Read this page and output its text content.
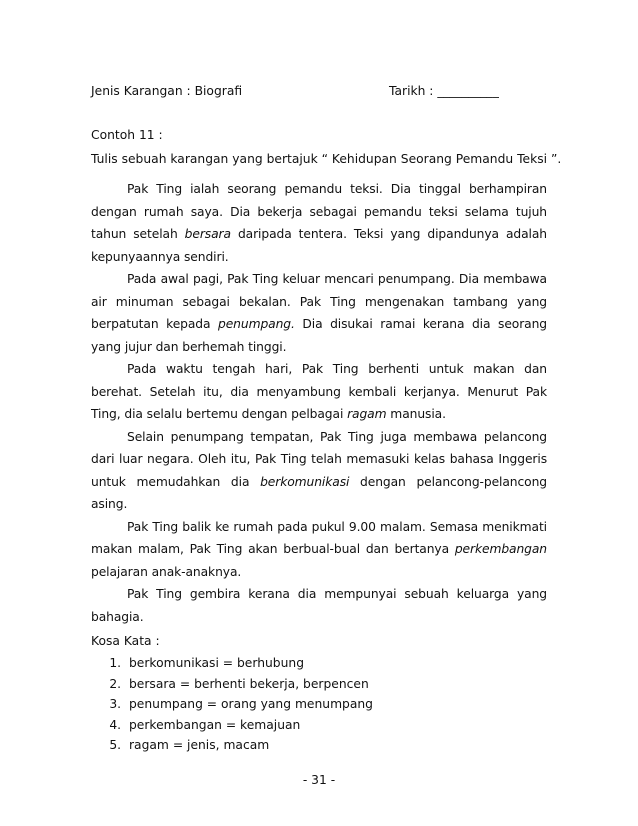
Jenis Karangan : Biografi	Tarikh : __________
Contoh 11 :
Tulis sebuah karangan yang bertajuk “ Kehidupan Seorang Pemandu Teksi ”.

Pak Ting ialah seorang pemandu teksi. Dia tinggal berhampiran dengan rumah saya. Dia bekerja sebagai pemandu teksi selama tujuh tahun setelah bersara daripada tentera. Teksi yang dipandunya adalah kepunyaannya sendiri.

Pada awal pagi, Pak Ting keluar mencari penumpang. Dia membawa air minuman sebagai bekalan. Pak Ting mengenakan tambang yang berpatutan kepada penumpang. Dia disukai ramai kerana dia seorang yang jujur dan berhemah tinggi.

Pada waktu tengah hari, Pak Ting berhenti untuk makan dan berehat. Setelah itu, dia menyambung kembali kerjanya. Menurut Pak Ting, dia selalu bertemu dengan pelbagai ragam manusia.

Selain penumpang tempatan, Pak Ting juga membawa pelancong dari luar negara. Oleh itu, Pak Ting telah memasuki kelas bahasa Inggeris untuk memudahkan dia berkomunikasi dengan pelancong-pelancong asing.

Pak Ting balik ke rumah pada pukul 9.00 malam. Semasa menikmati makan malam, Pak Ting akan berbual-bual dan bertanya perkembangan pelajaran anak-anaknya.

Pak Ting gembira kerana dia mempunyai sebuah keluarga yang bahagia.

Kosa Kata :
1. berkomunikasi = berhubung
2. bersara = berhenti bekerja, berpencen
3. penumpang = orang yang menumpang
4. perkembangan = kemajuan
5. ragam = jenis, macam
- 31 -
